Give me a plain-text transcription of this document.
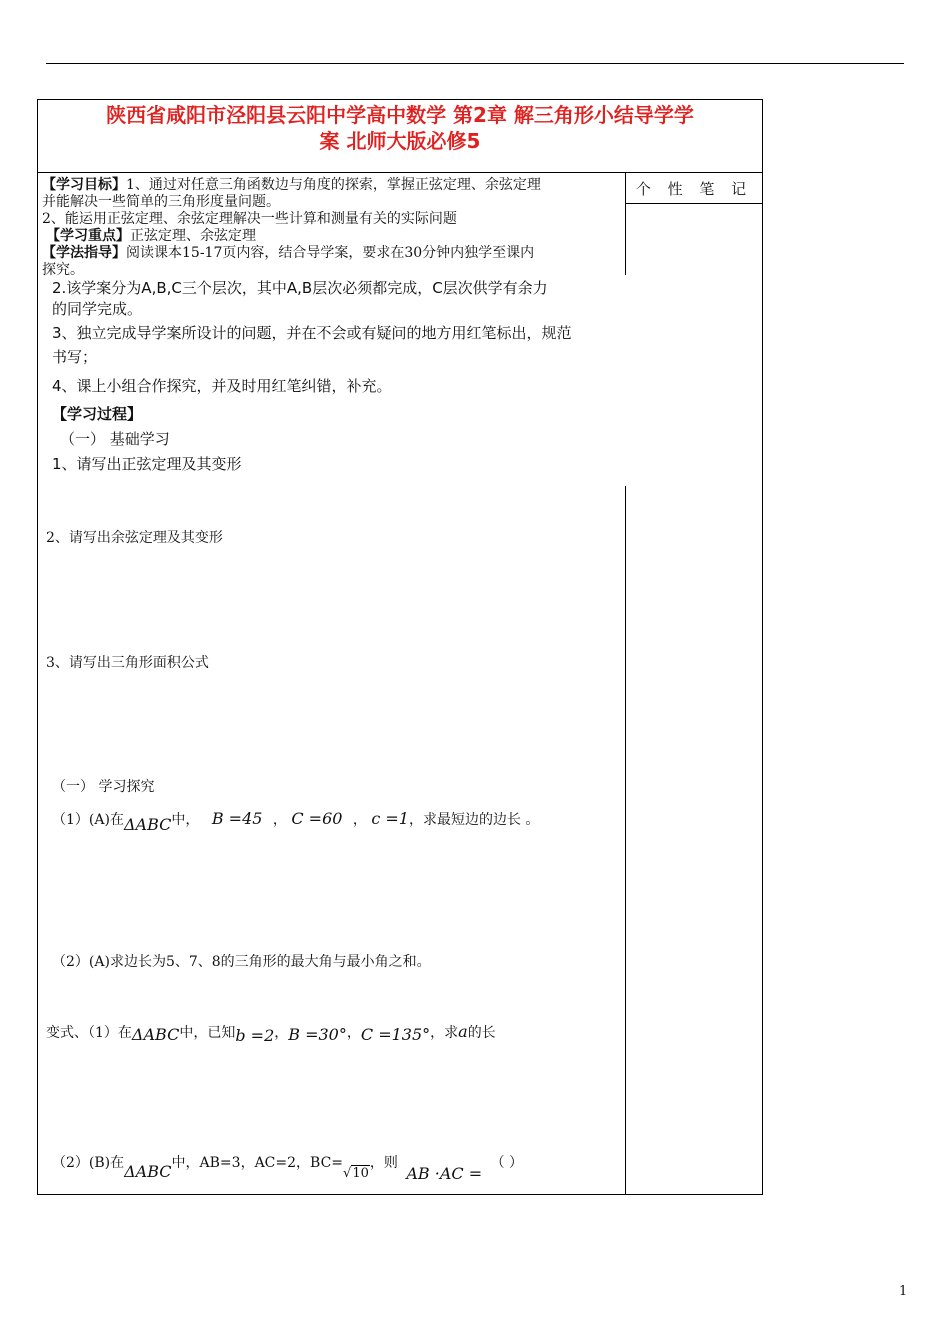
陕西省咸阳市泾阳县云阳中学高中数学 第2章 解三角形小结导学学
案 北师大版必修5
个 性 笔 记
【学习目标】1、通过对任意三角函数边与角度的探索，掌握正弦定理、余弦定理
并能解决一些简单的三角形度量问题。
2、能运用正弦定理、余弦定理解决一些计算和测量有关的实际问题
【学习重点】正弦定理、余弦定理
【学法指导】阅读课本15-17页内容，结合导学案，要求在30分钟内独学至课内
探究。
2.该学案分为A,B,C三个层次，其中A,B层次必须都完成，C层次供学有余力
的同学完成。
3、独立完成导学案所设计的问题，并在不会或有疑问的地方用红笔标出，规范
书写；
4、课上小组合作探究，并及时用红笔纠错，补充。
【学习过程】
（一） 基础学习
1、请写出正弦定理及其变形
2、请写出余弦定理及其变形
3、请写出三角形面积公式
（一） 学习探究
（1）(A)在ΔABC中， B =45 ， C =60 ， c =1，求最短边的边长 。
（2）(A)求边长为5、7、8的三角形的最大角与最小角之和。
变式、（1）在ΔABC中，已知b =2，B =30°，C =135°，求a的长
（2）(B)在ΔABC中，AB=3，AC=2，BC=√10，则 AB ·AC = （ ）
1
